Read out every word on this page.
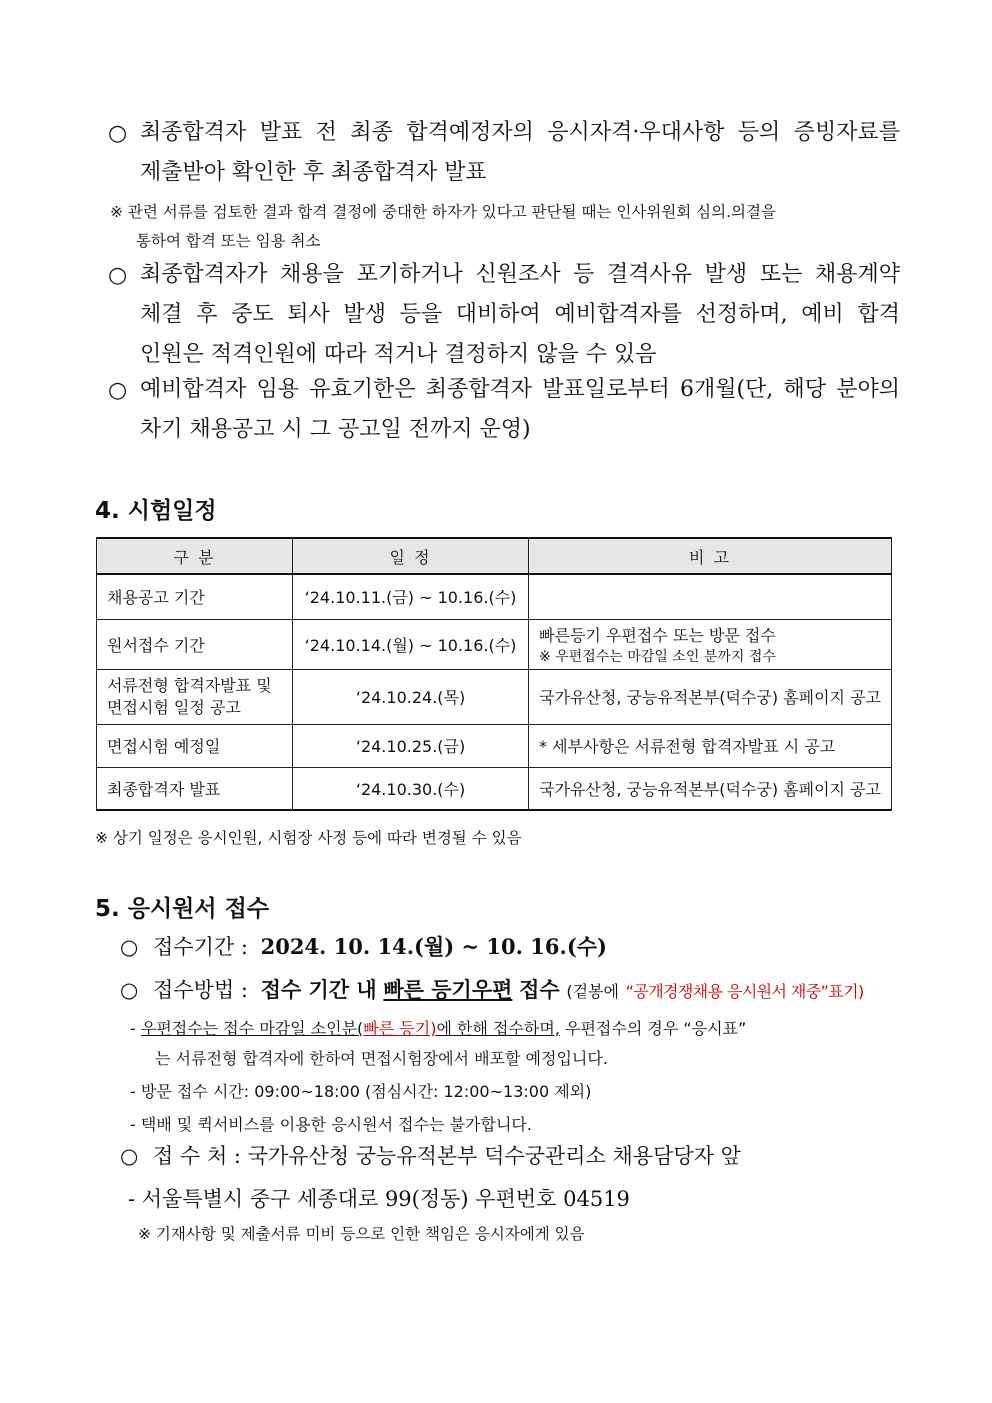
○ 최종합격자 발표 전 최종 합격예정자의 응시자격·우대사항 등의 증빙자료를
제출받아 확인한 후 최종합격자 발표
※ 관련 서류를 검토한 결과 합격 결정에 중대한 하자가 있다고 판단될 때는 인사위원회 심의.의결을
통하여 합격 또는 임용 취소
○ 최종합격자가 채용을 포기하거나 신원조사 등 결격사유 발생 또는 채용계약
체결 후 중도 퇴사 발생 등을 대비하여 예비합격자를 선정하며, 예비 합격
인원은 적격인원에 따라 적거나 결정하지 않을 수 있음
○ 예비합격자 임용 유효기한은 최종합격자 발표일로부터 6개월(단, 해당 분야의
차기 채용공고 시 그 공고일 전까지 운영)
4. 시험일정
구 분	일 정	비 고
채용공고 기간	‘24.10.11.(금) ~ 10.16.(수)	
원서접수 기간	‘24.10.14.(월) ~ 10.16.(수)	빠른등기 우편접수 또는 방문 접수
※ 우편접수는 마감일 소인 분까지 접수

서류전형 합격자발표 및
면접시험 일정 공고	‘24.10.24.(목)	국가유산청, 궁능유적본부(덕수궁) 홈페이지 공고
면접시험 예정일	‘24.10.25.(금)	* 세부사항은 서류전형 합격자발표 시 공고
최종합격자 발표	‘24.10.30.(수)	국가유산청, 궁능유적본부(덕수궁) 홈페이지 공고
※ 상기 일정은 응시인원, 시험장 사정 등에 따라 변경될 수 있음
5. 응시원서 접수
○ 접수기간 : 2024. 10. 14.(월) ~ 10. 16.(수)
○ 접수방법 : 접수 기간 내 빠른 등기우편 접수 (겉봉에 “공개경쟁채용 응시원서 재중”표기)
- 우편접수는 접수 마감일 소인분(빠른 등기)에 한해 접수하며, 우편접수의 경우 “응시표”
는 서류전형 합격자에 한하여 면접시험장에서 배포할 예정입니다.
- 방문 접수 시간: 09:00~18:00 (점심시간: 12:00~13:00 제외)
- 택배 및 퀵서비스를 이용한 응시원서 접수는 불가합니다.
○ 접 수 처 : 국가유산청 궁능유적본부 덕수궁관리소 채용담당자 앞
- 서울특별시 중구 세종대로 99(정동) 우편번호 04519
※ 기재사항 및 제출서류 미비 등으로 인한 책임은 응시자에게 있음
